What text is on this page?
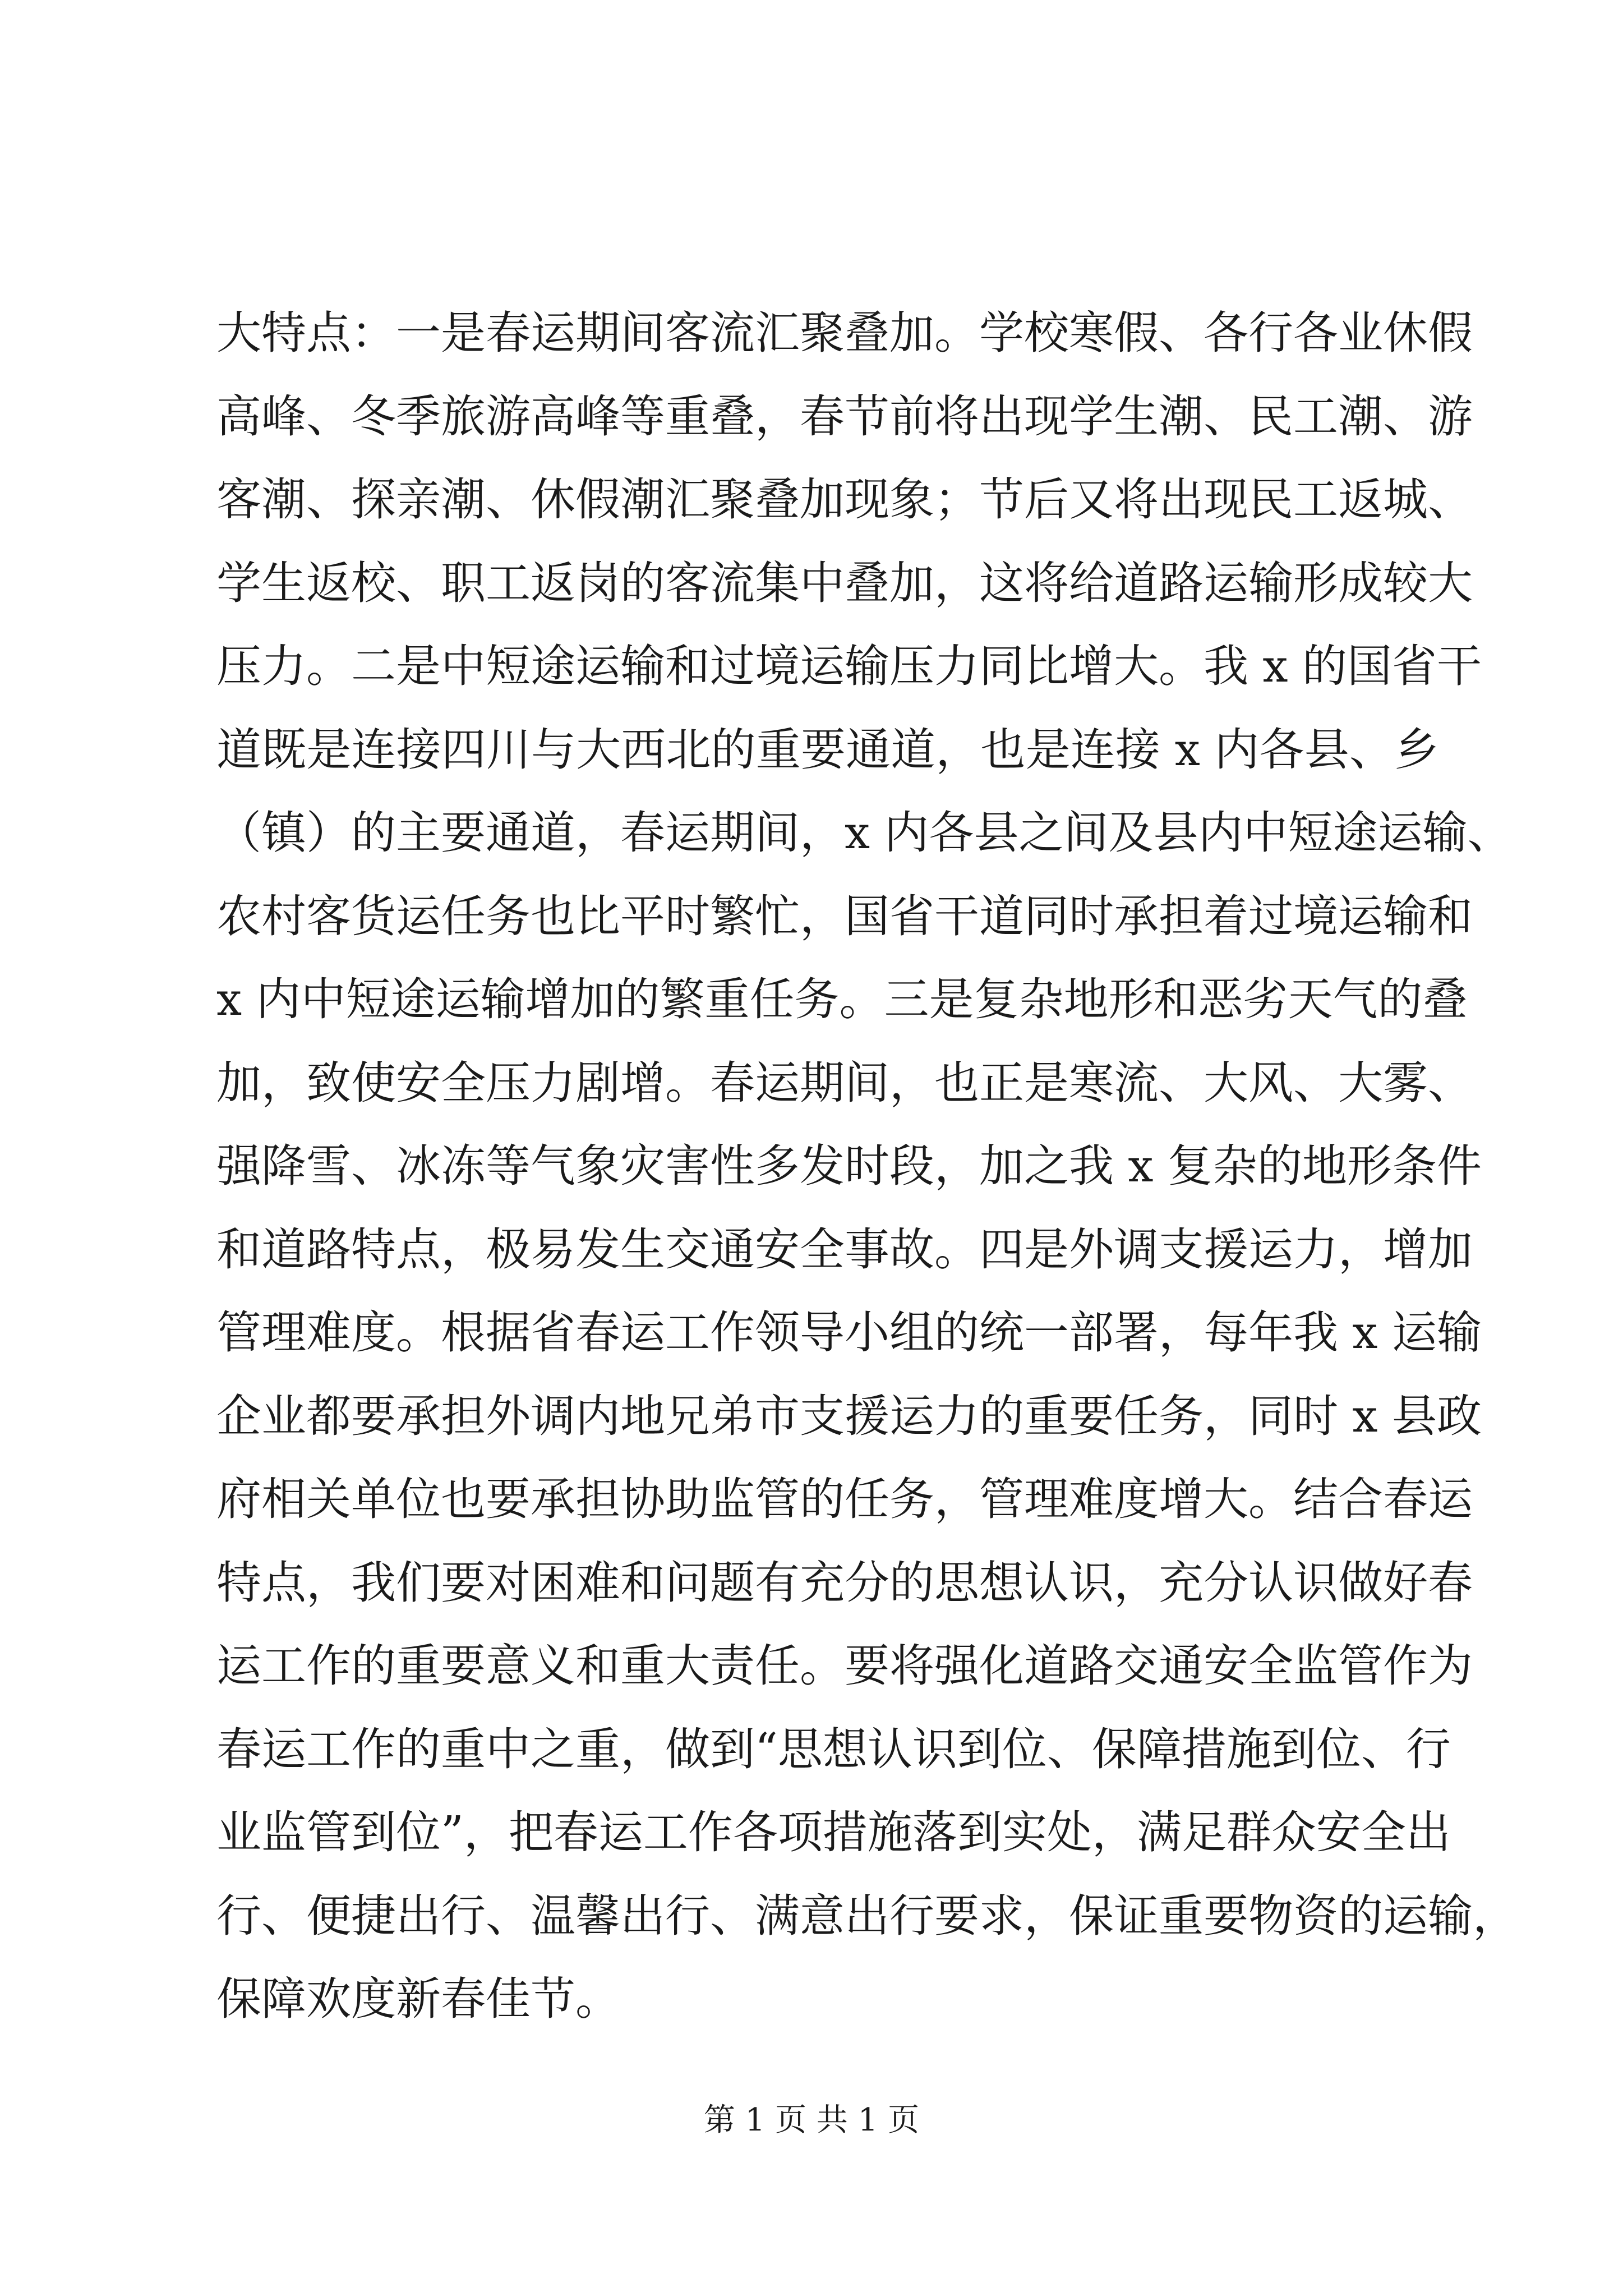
大特点：一是春运期间客流汇聚叠加。学校寒假、各行各业休假
高峰、冬季旅游高峰等重叠，春节前将出现学生潮、民工潮、游
客潮、探亲潮、休假潮汇聚叠加现象；节后又将出现民工返城、
学生返校、职工返岗的客流集中叠加，这将给道路运输形成较大
压力。二是中短途运输和过境运输压力同比增大。我 x 的国省干
道既是连接四川与大西北的重要通道，也是连接 x 内各县、乡
（镇）的主要通道，春运期间，x 内各县之间及县内中短途运输、
农村客货运任务也比平时繁忙，国省干道同时承担着过境运输和
x 内中短途运输增加的繁重任务。三是复杂地形和恶劣天气的叠
加，致使安全压力剧增。春运期间，也正是寒流、大风、大雾、
强降雪、冰冻等气象灾害性多发时段，加之我 x 复杂的地形条件
和道路特点，极易发生交通安全事故。四是外调支援运力，增加
管理难度。根据省春运工作领导小组的统一部署，每年我 x 运输
企业都要承担外调内地兄弟市支援运力的重要任务，同时 x 县政
府相关单位也要承担协助监管的任务，管理难度增大。结合春运
特点，我们要对困难和问题有充分的思想认识，充分认识做好春
运工作的重要意义和重大责任。要将强化道路交通安全监管作为
春运工作的重中之重，做到“思想认识到位、保障措施到位、行
业监管到位”，把春运工作各项措施落到实处，满足群众安全出
行、便捷出行、温馨出行、满意出行要求，保证重要物资的运输，
保障欢度新春佳节。
第 1 页 共 1 页
